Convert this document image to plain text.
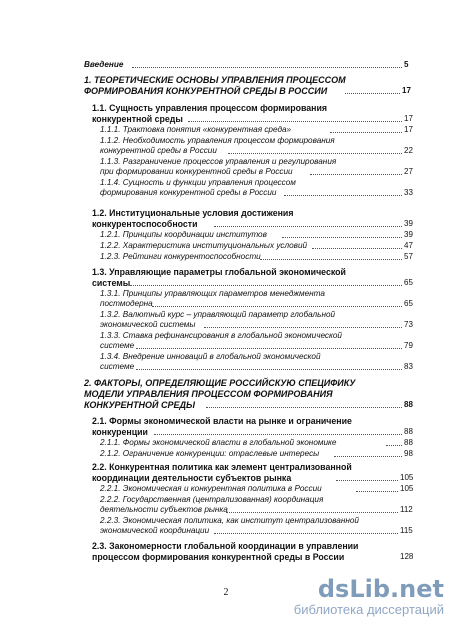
Введение	5
1. ТЕОРЕТИЧЕСКИЕ ОСНОВЫ УПРАВЛЕНИЯ ПРОЦЕССОМ
ФОРМИРОВАНИЯ КОНКУРЕНТНОЙ СРЕДЫ В РОССИИ	17
1.1. Сущность управления процессом формирования
конкурентной среды	17
1.1.1. Трактовка понятия «конкурентная среда»	17
1.1.2. Необходимость управления процессом формирования
конкурентной среды в России	22
1.1.3. Разграничение процессов управления и регулирования
при формировании конкурентной среды в России	27
1.1.4. Сущность и функции управления процессом
формирования конкурентной среды в России	33
1.2. Институциональные условия достижения
конкурентоспособности	39
1.2.1. Принципы координации институтов	39
1.2.2. Характеристика институциональных условий	47
1.2.3. Рейтинги конкурентоспособности	57
1.3. Управляющие параметры глобальной экономической
системы	65
1.3.1. Принципы управляющих параметров менеджмента
постмодерна	65
1.3.2. Валютный курс – управляющий параметр глобальной
экономической системы	73
1.3.3. Ставка рефинансирования в глобальной экономической
системе	79
1.3.4. Внедрение инноваций в глобальной экономической
системе	83
2. ФАКТОРЫ, ОПРЕДЕЛЯЮЩИЕ РОССИЙСКУЮ СПЕЦИФИКУ
МОДЕЛИ УПРАВЛЕНИЯ ПРОЦЕССОМ ФОРМИРОВАНИЯ
КОНКУРЕНТНОЙ СРЕДЫ	88
2.1. Формы экономической власти на рынке и ограничение
конкуренции	88
2.1.1. Формы экономической власти в глобальной экономике	88
2.1.2. Ограничение конкуренции: отраслевые интересы	98
2.2. Конкурентная политика как элемент централизованной
координации деятельности субъектов рынка	105
2.2.1. Экономическая и конкурентная политика в России	105
2.2.2. Государственная (централизованная) координация
деятельности субъектов рынка	112
2.2.3. Экономическая политика, как институт централизованной
экономической координации	115
2.3. Закономерности глобальной координации в управлении
процессом формирования конкурентной среды в России	128
2	dsLib.net
библиотека диссертаций
